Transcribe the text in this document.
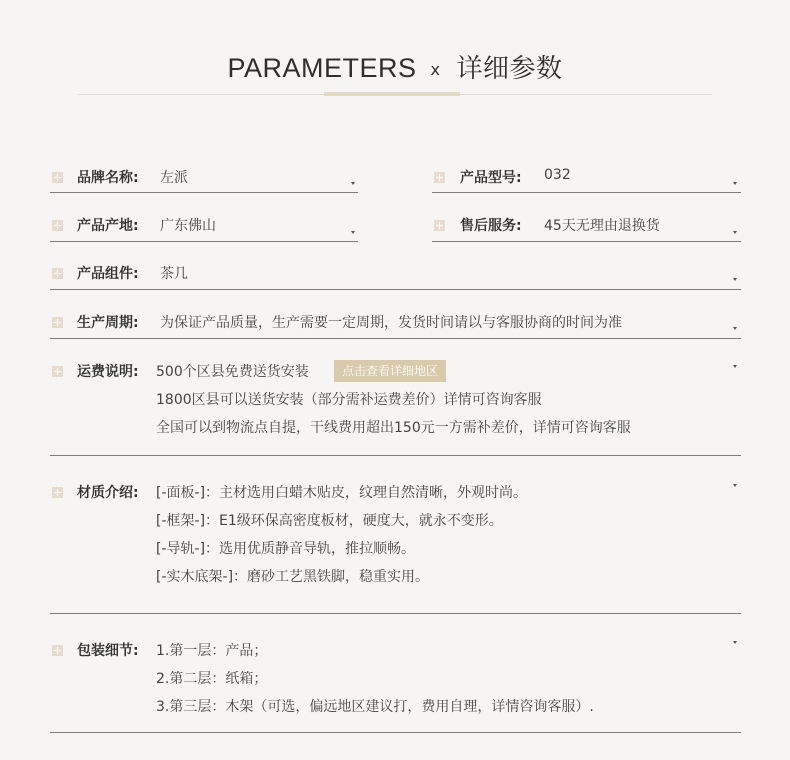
PARAMETERS x 详细参数
品牌名称: 左派	产品型号: 032
产品产地: 广东佛山	售后服务: 45天无理由退换货
产品组件: 茶几
生产周期: 为保证产品质量，生产需要一定周期，发货时间请以与客服协商的时间为准
运费说明: 500个区县免费送货安装	点击查看详细地区
1800区县可以送货安装（部分需补运费差价）详情可咨询客服
全国可以到物流点自提，干线费用超出150元一方需补差价，详情可咨询客服
材质介绍: [-面板-]：主材选用白蜡木贴皮，纹理自然清晰，外观时尚。
[-框架-]：E1级环保高密度板材，硬度大，就永不变形。
[-导轨-]：选用优质静音导轨，推拉顺畅。
[-实木底架-]：磨砂工艺黑铁脚，稳重实用。
包装细节: 1.第一层：产品；
2.第二层：纸箱；
3.第三层：木架（可选，偏远地区建议打，费用自理，详情咨询客服）.
